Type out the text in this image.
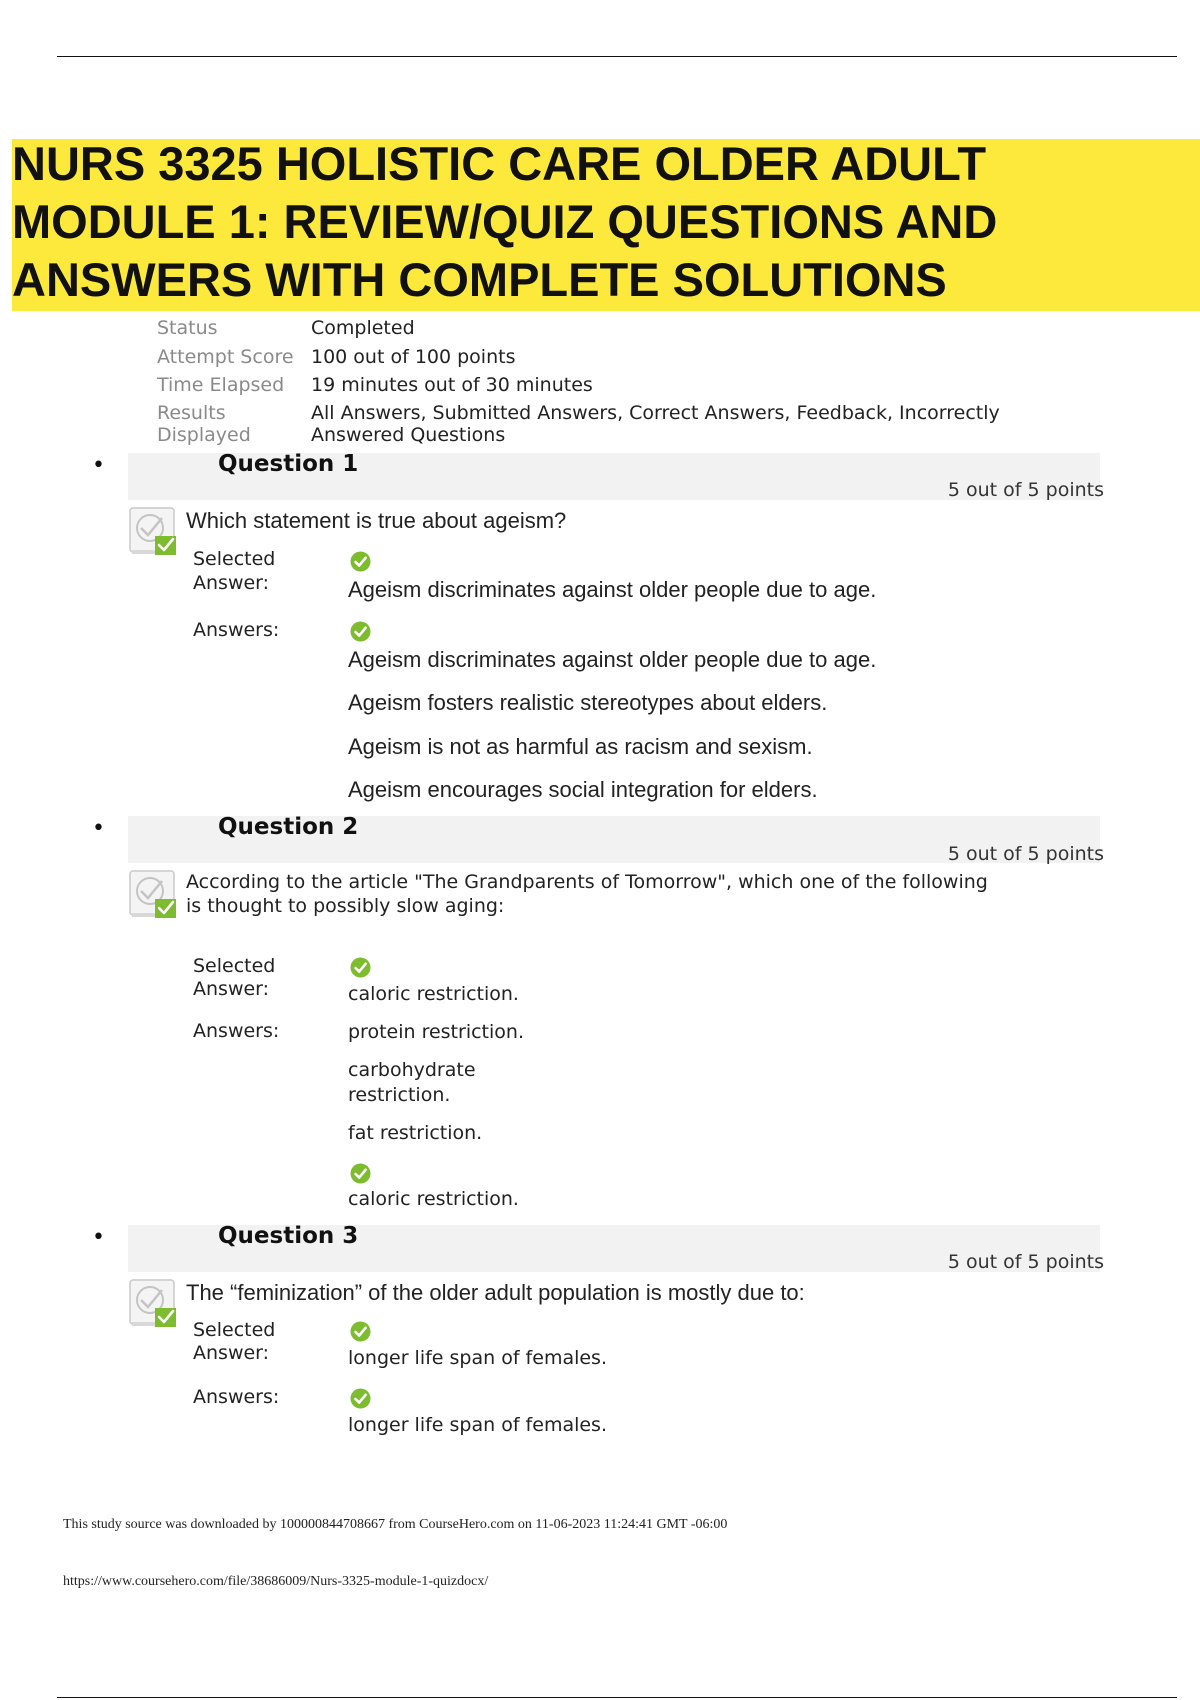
NURS 3325 HOLISTIC CARE OLDER ADULT MODULE 1: REVIEW/QUIZ QUESTIONS AND ANSWERS WITH COMPLETE SOLUTIONS
Status	Completed
Attempt Score 100 out of 100 points
Time Elapsed 19 minutes out of 30 minutes
Results
Displayed
All Answers, Submitted Answers, Correct Answers, Feedback, Incorrectly
Answered Questions
•	Question 1
5 out of 5 points
Which statement is true about ageism?
Selected
Answer:	Ageism discriminates against older people due to age.
Answers:
Ageism discriminates against older people due to age.
Ageism fosters realistic stereotypes about elders.
Ageism is not as harmful as racism and sexism.
Ageism encourages social integration for elders.
•	Question 2
5 out of 5 points
According to the article "The Grandparents of Tomorrow", which one of the following
is thought to possibly slow aging:
Selected
Answer:	caloric restriction.
Answers:	protein restriction.
carbohydrate
restriction.
fat restriction.
caloric restriction.
•	Question 3
5 out of 5 points
The “feminization” of the older adult population is mostly due to:
Selected
Answer:	longer life span of females.
Answers:
longer life span of females.
This study source was downloaded by 100000844708667 from CourseHero.com on 11-06-2023 11:24:41 GMT -06:00
https://www.coursehero.com/file/38686009/Nurs-3325-module-1-quizdocx/
